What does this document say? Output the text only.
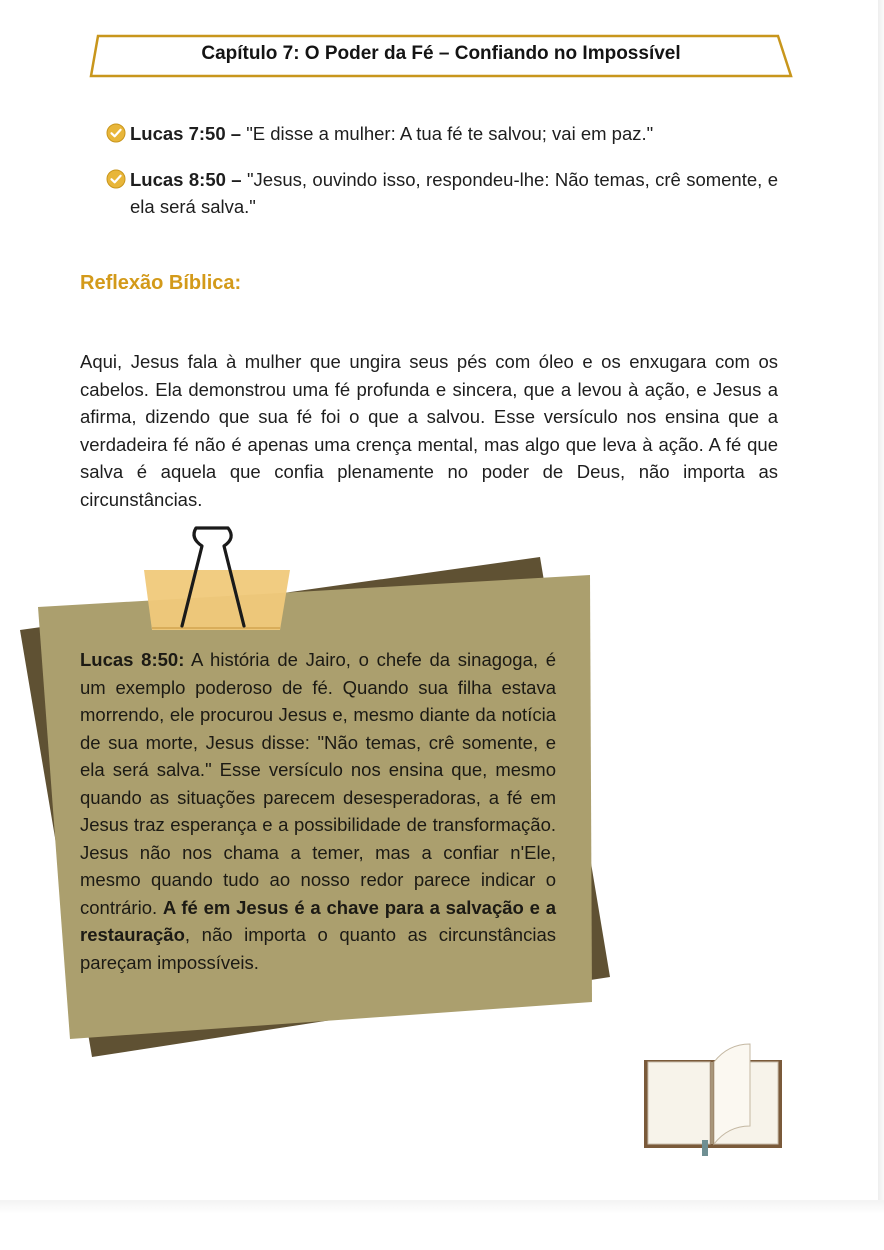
Capítulo 7: O Poder da Fé – Confiando no Impossível
Lucas 7:50 – "E disse a mulher: A tua fé te salvou; vai em paz."
Lucas 8:50 – "Jesus, ouvindo isso, respondeu-lhe: Não temas, crê somente, e ela será salva."
Reflexão Bíblica:
Aqui, Jesus fala à mulher que ungira seus pés com óleo e os enxugara com os cabelos. Ela demonstrou uma fé profunda e sincera, que a levou à ação, e Jesus a afirma, dizendo que sua fé foi o que a salvou. Esse versículo nos ensina que a verdadeira fé não é apenas uma crença mental, mas algo que leva à ação. A fé que salva é aquela que confia plenamente no poder de Deus, não importa as circunstâncias.
Lucas 8:50: A história de Jairo, o chefe da sinagoga, é um exemplo poderoso de fé. Quando sua filha estava morrendo, ele procurou Jesus e, mesmo diante da notícia de sua morte, Jesus disse: "Não temas, crê somente, e ela será salva." Esse versículo nos ensina que, mesmo quando as situações parecem desesperadoras, a fé em Jesus traz esperança e a possibilidade de transformação. Jesus não nos chama a temer, mas a confiar n'Ele, mesmo quando tudo ao nosso redor parece indicar o contrário. A fé em Jesus é a chave para a salvação e a restauração, não importa o quanto as circunstâncias pareçam impossíveis.
